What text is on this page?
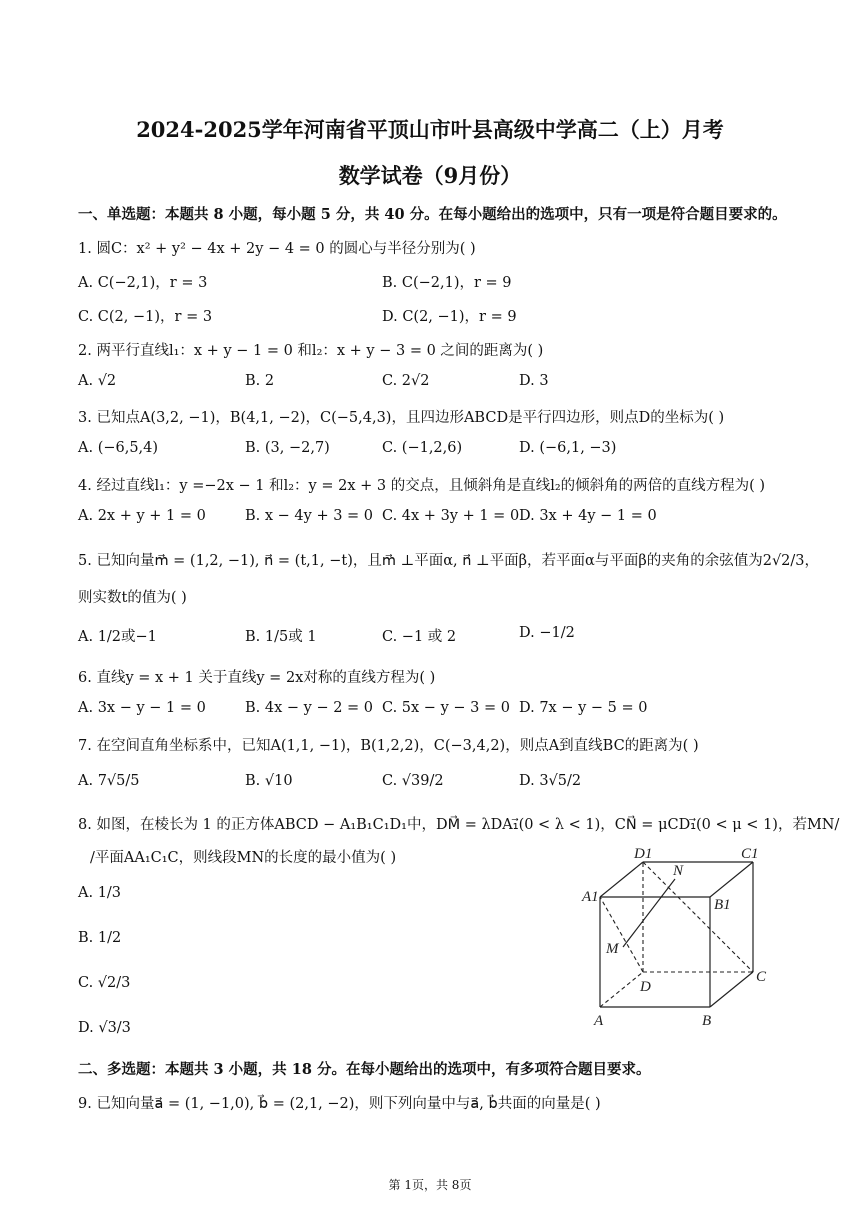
2024-2025学年河南省平顶山市叶县高级中学高二（上）月考
数学试卷（9月份）
一、单选题：本题共 8 小题，每小题 5 分，共 40 分。在每小题给出的选项中，只有一项是符合题目要求的。
1. 圆C：x² + y² − 4x + 2y − 4 = 0 的圆心与半径分别为( )
A. C(−2,1)，r = 3	B. C(−2,1)，r = 9
C. C(2, −1)，r = 3	D. C(2, −1)，r = 9
2. 两平行直线l₁：x + y − 1 = 0 和l₂：x + y − 3 = 0 之间的距离为( )
A. √2	B. 2	C. 2√2	D. 3
3. 已知点A(3,2, −1)，B(4,1, −2)，C(−5,4,3)，且四边形ABCD是平行四边形，则点D的坐标为( )
A. (−6,5,4)	B. (3, −2,7)	C. (−1,2,6)	D. (−6,1, −3)
4. 经过直线l₁：y =−2x − 1 和l₂：y = 2x + 3 的交点，且倾斜角是直线l₂的倾斜角的两倍的直线方程为( )
A. 2x + y + 1 = 0	B. x − 4y + 3 = 0 C. 4x + 3y + 1 = 0 D. 3x + 4y − 1 = 0
5. 已知向量m⃗ = (1,2, −1), n⃗ = (t,1, −t)，且m⃗ ⊥平面α, n⃗ ⊥平面β，若平面α与平面β的夹角的余弦值为2√2/3，
则实数t的值为( )
A. 1/2或−1	B. 1/5或 1	C. −1 或 2	D. −1/2
6. 直线y = x + 1 关于直线y = 2x对称的直线方程为( )
A. 3x − y − 1 = 0	B. 4x − y − 2 = 0 C. 5x − y − 3 = 0 D. 7x − y − 5 = 0
7. 在空间直角坐标系中，已知A(1,1, −1)，B(1,2,2)，C(−3,4,2)，则点A到直线BC的距离为( )
A. 7√5/5	B. √10	C. √39/2	D. 3√5/2
8. 如图，在棱长为 1 的正方体ABCD − A₁B₁C₁D₁中，DM⃗ = λDA₁⃗(0 < λ < 1)，CN⃗ = μCD₁⃗(0 < μ < 1)，若MN/
/平面AA₁C₁C，则线段MN的长度的最小值为( )
A. 1/3
B. 1/2
C. √2/3
D. √3/3
D1	C1
A1
N
B1
M
D
C
A	B
二、多选题：本题共 3 小题，共 18 分。在每小题给出的选项中，有多项符合题目要求。
9. 已知向量a⃗ = (1, −1,0), b⃗ = (2,1, −2)，则下列向量中与a⃗, b⃗共面的向量是( )
第 1页，共 8页
